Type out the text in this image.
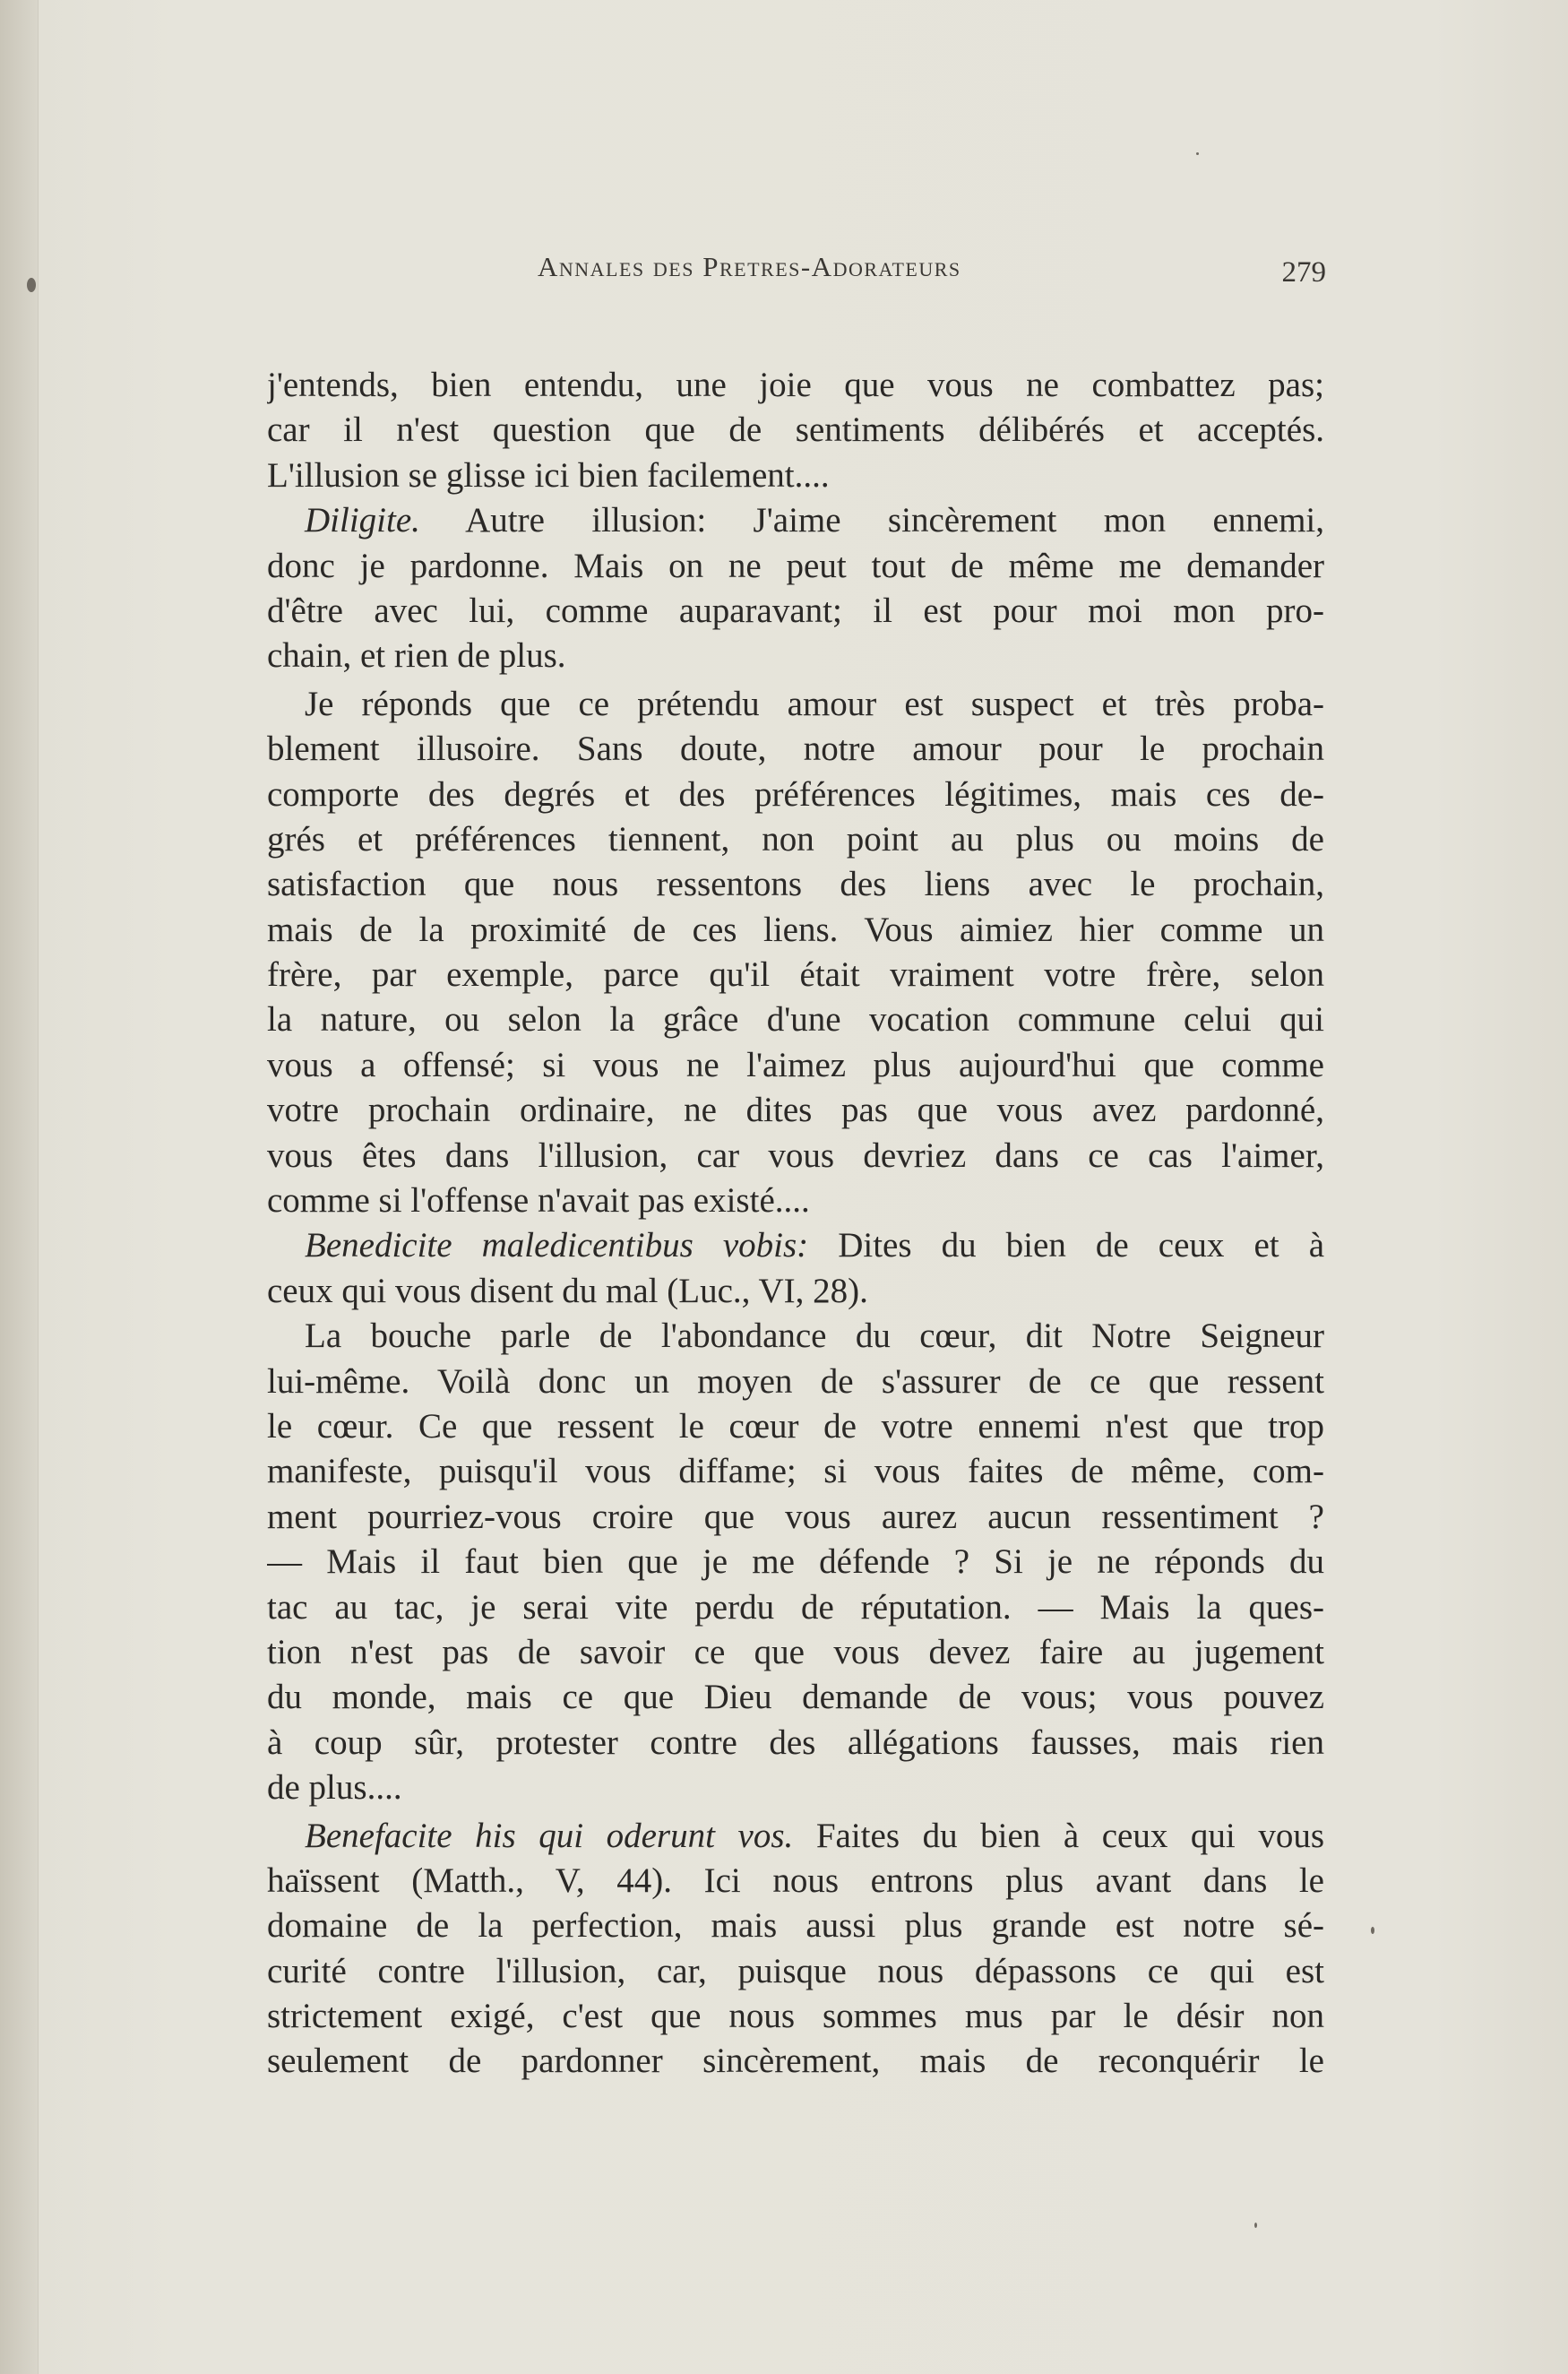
Annales des Pretres-Adorateurs	279
j'entends, bien entendu, une joie que vous ne combattez pas;
car il n'est question que de sentiments délibérés et acceptés.
L'illusion se glisse ici bien facilement....
Diligite. Autre illusion: J'aime sincèrement mon ennemi,
donc je pardonne. Mais on ne peut tout de même me demander
d'être avec lui, comme auparavant; il est pour moi mon pro-
chain, et rien de plus.
Je réponds que ce prétendu amour est suspect et très proba-
blement illusoire. Sans doute, notre amour pour le prochain
comporte des degrés et des préférences légitimes, mais ces de-
grés et préférences tiennent, non point au plus ou moins de
satisfaction que nous ressentons des liens avec le prochain,
mais de la proximité de ces liens. Vous aimiez hier comme un
frère, par exemple, parce qu'il était vraiment votre frère, selon
la nature, ou selon la grâce d'une vocation commune celui qui
vous a offensé; si vous ne l'aimez plus aujourd'hui que comme
votre prochain ordinaire, ne dites pas que vous avez pardonné,
vous êtes dans l'illusion, car vous devriez dans ce cas l'aimer,
comme si l'offense n'avait pas existé....
Benedicite maledicentibus vobis: Dites du bien de ceux et à
ceux qui vous disent du mal (Luc., VI, 28).
La bouche parle de l'abondance du cœur, dit Notre Seigneur
lui-même. Voilà donc un moyen de s'assurer de ce que ressent
le cœur. Ce que ressent le cœur de votre ennemi n'est que trop
manifeste, puisqu'il vous diffame; si vous faites de même, com-
ment pourriez-vous croire que vous aurez aucun ressentiment ?
— Mais il faut bien que je me défende ? Si je ne réponds du
tac au tac, je serai vite perdu de réputation. — Mais la ques-
tion n'est pas de savoir ce que vous devez faire au jugement
du monde, mais ce que Dieu demande de vous; vous pouvez
à coup sûr, protester contre des allégations fausses, mais rien
de plus....
Benefacite his qui oderunt vos. Faites du bien à ceux qui vous
haïssent (Matth., V, 44). Ici nous entrons plus avant dans le
domaine de la perfection, mais aussi plus grande est notre sé-
curité contre l'illusion, car, puisque nous dépassons ce qui est
strictement exigé, c'est que nous sommes mus par le désir non
seulement de pardonner sincèrement, mais de reconquérir le
